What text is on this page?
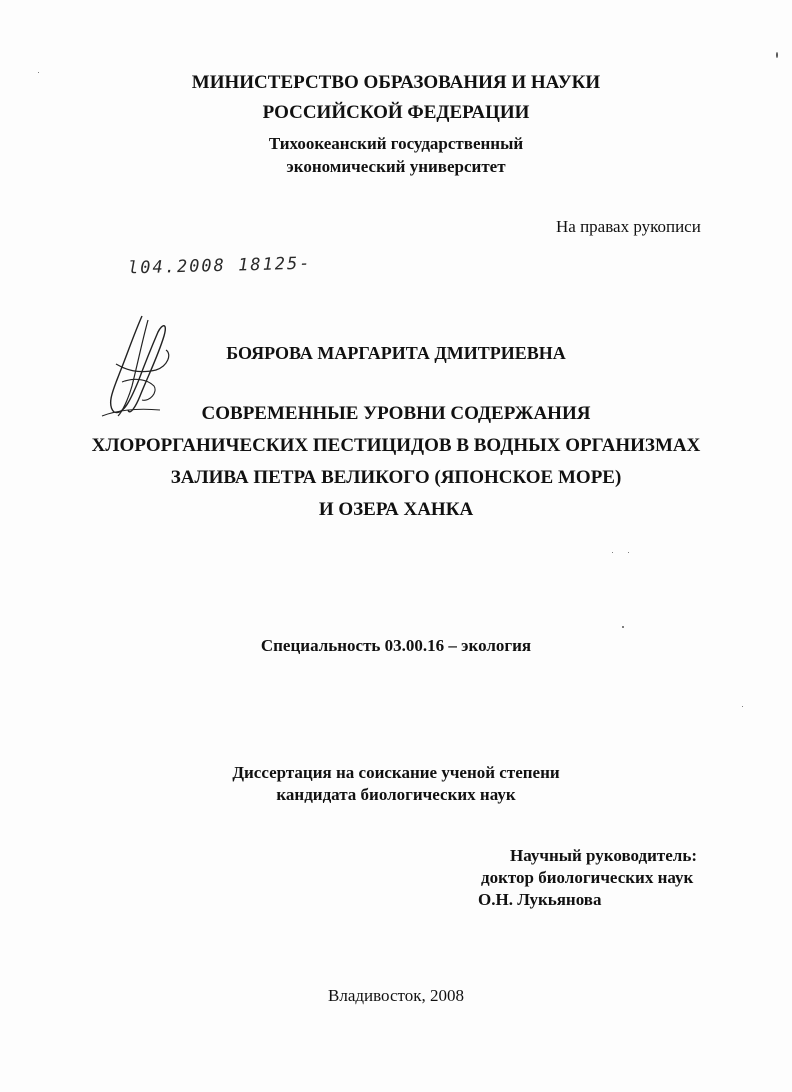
МИНИСТЕРСТВО ОБРАЗОВАНИЯ И НАУКИ
РОССИЙСКОЙ ФЕДЕРАЦИИ
Тихоокеанский государственный
экономический университет
На правах рукописи
l04.2008 18125-
БОЯРОВА МАРГАРИТА ДМИТРИЕВНА
СОВРЕМЕННЫЕ УРОВНИ СОДЕРЖАНИЯ
ХЛОРОРГАНИЧЕСКИХ ПЕСТИЦИДОВ В ВОДНЫХ ОРГАНИЗМАХ
ЗАЛИВА ПЕТРА ВЕЛИКОГО (ЯПОНСКОЕ МОРЕ)
И ОЗЕРА ХАНКА
Специальность 03.00.16 – экология
Диссертация на соискание ученой степени
кандидата биологических наук
Научный руководитель:
доктор биологических наук
О.Н. Лукьянова
Владивосток, 2008
